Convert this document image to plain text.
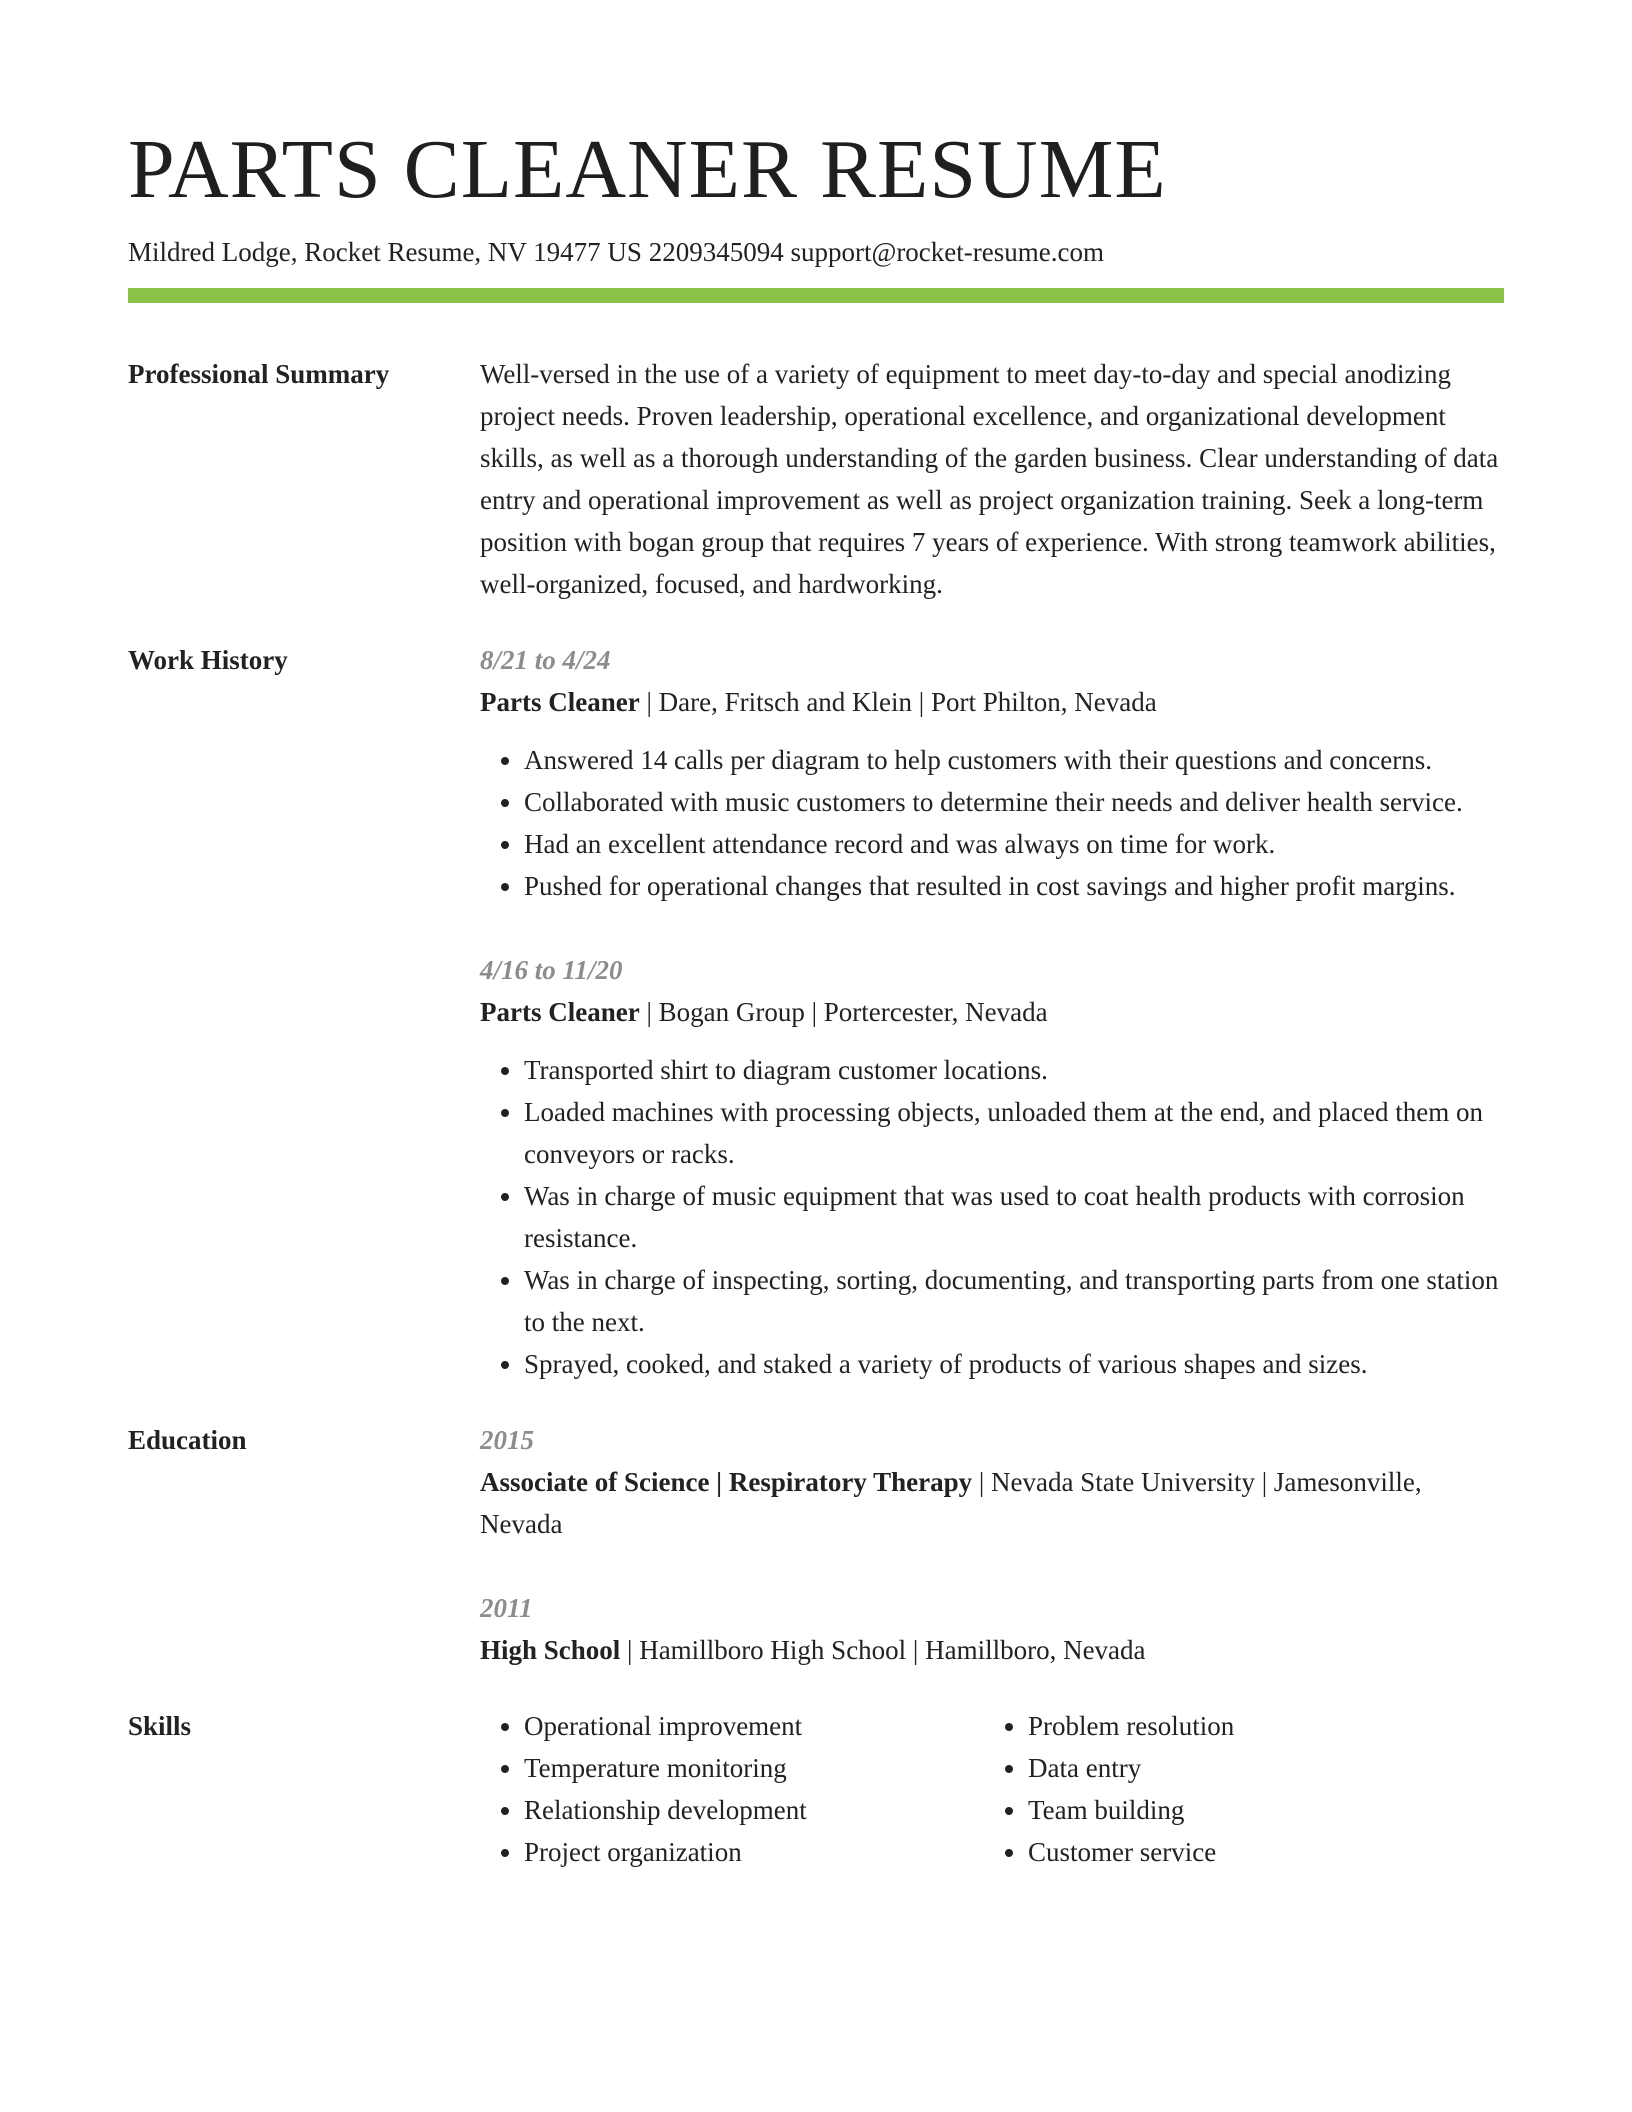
PARTS CLEANER RESUME
Mildred Lodge, Rocket Resume, NV 19477 US 2209345094 support@rocket-resume.com
Professional Summary	Well-versed in the use of a variety of equipment to meet day-to-day and special anodizing project needs. Proven leadership, operational excellence, and organizational development skills, as well as a thorough understanding of the garden business. Clear understanding of data entry and operational improvement as well as project organization training. Seek a long-term position with bogan group that requires 7 years of experience. With strong teamwork abilities, well-organized, focused, and hardworking.
Work History	8/21 to 4/24
Parts Cleaner | Dare, Fritsch and Klein | Port Philton, Nevada
• Answered 14 calls per diagram to help customers with their questions and concerns.
• Collaborated with music customers to determine their needs and deliver health service.
• Had an excellent attendance record and was always on time for work.
• Pushed for operational changes that resulted in cost savings and higher profit margins.
4/16 to 11/20
Parts Cleaner | Bogan Group | Portercester, Nevada
• Transported shirt to diagram customer locations.
• Loaded machines with processing objects, unloaded them at the end, and placed them on conveyors or racks.
• Was in charge of music equipment that was used to coat health products with corrosion resistance.
• Was in charge of inspecting, sorting, documenting, and transporting parts from one station to the next.
• Sprayed, cooked, and staked a variety of products of various shapes and sizes.
Education	2015
Associate of Science | Respiratory Therapy | Nevada State University | Jamesonville, Nevada
2011
High School | Hamillboro High School | Hamillboro, Nevada
Skills
•	Operational improvement
• Temperature monitoring
• Relationship development
• Project organization
• Problem resolution
• Data entry
• Team building
• Customer service
